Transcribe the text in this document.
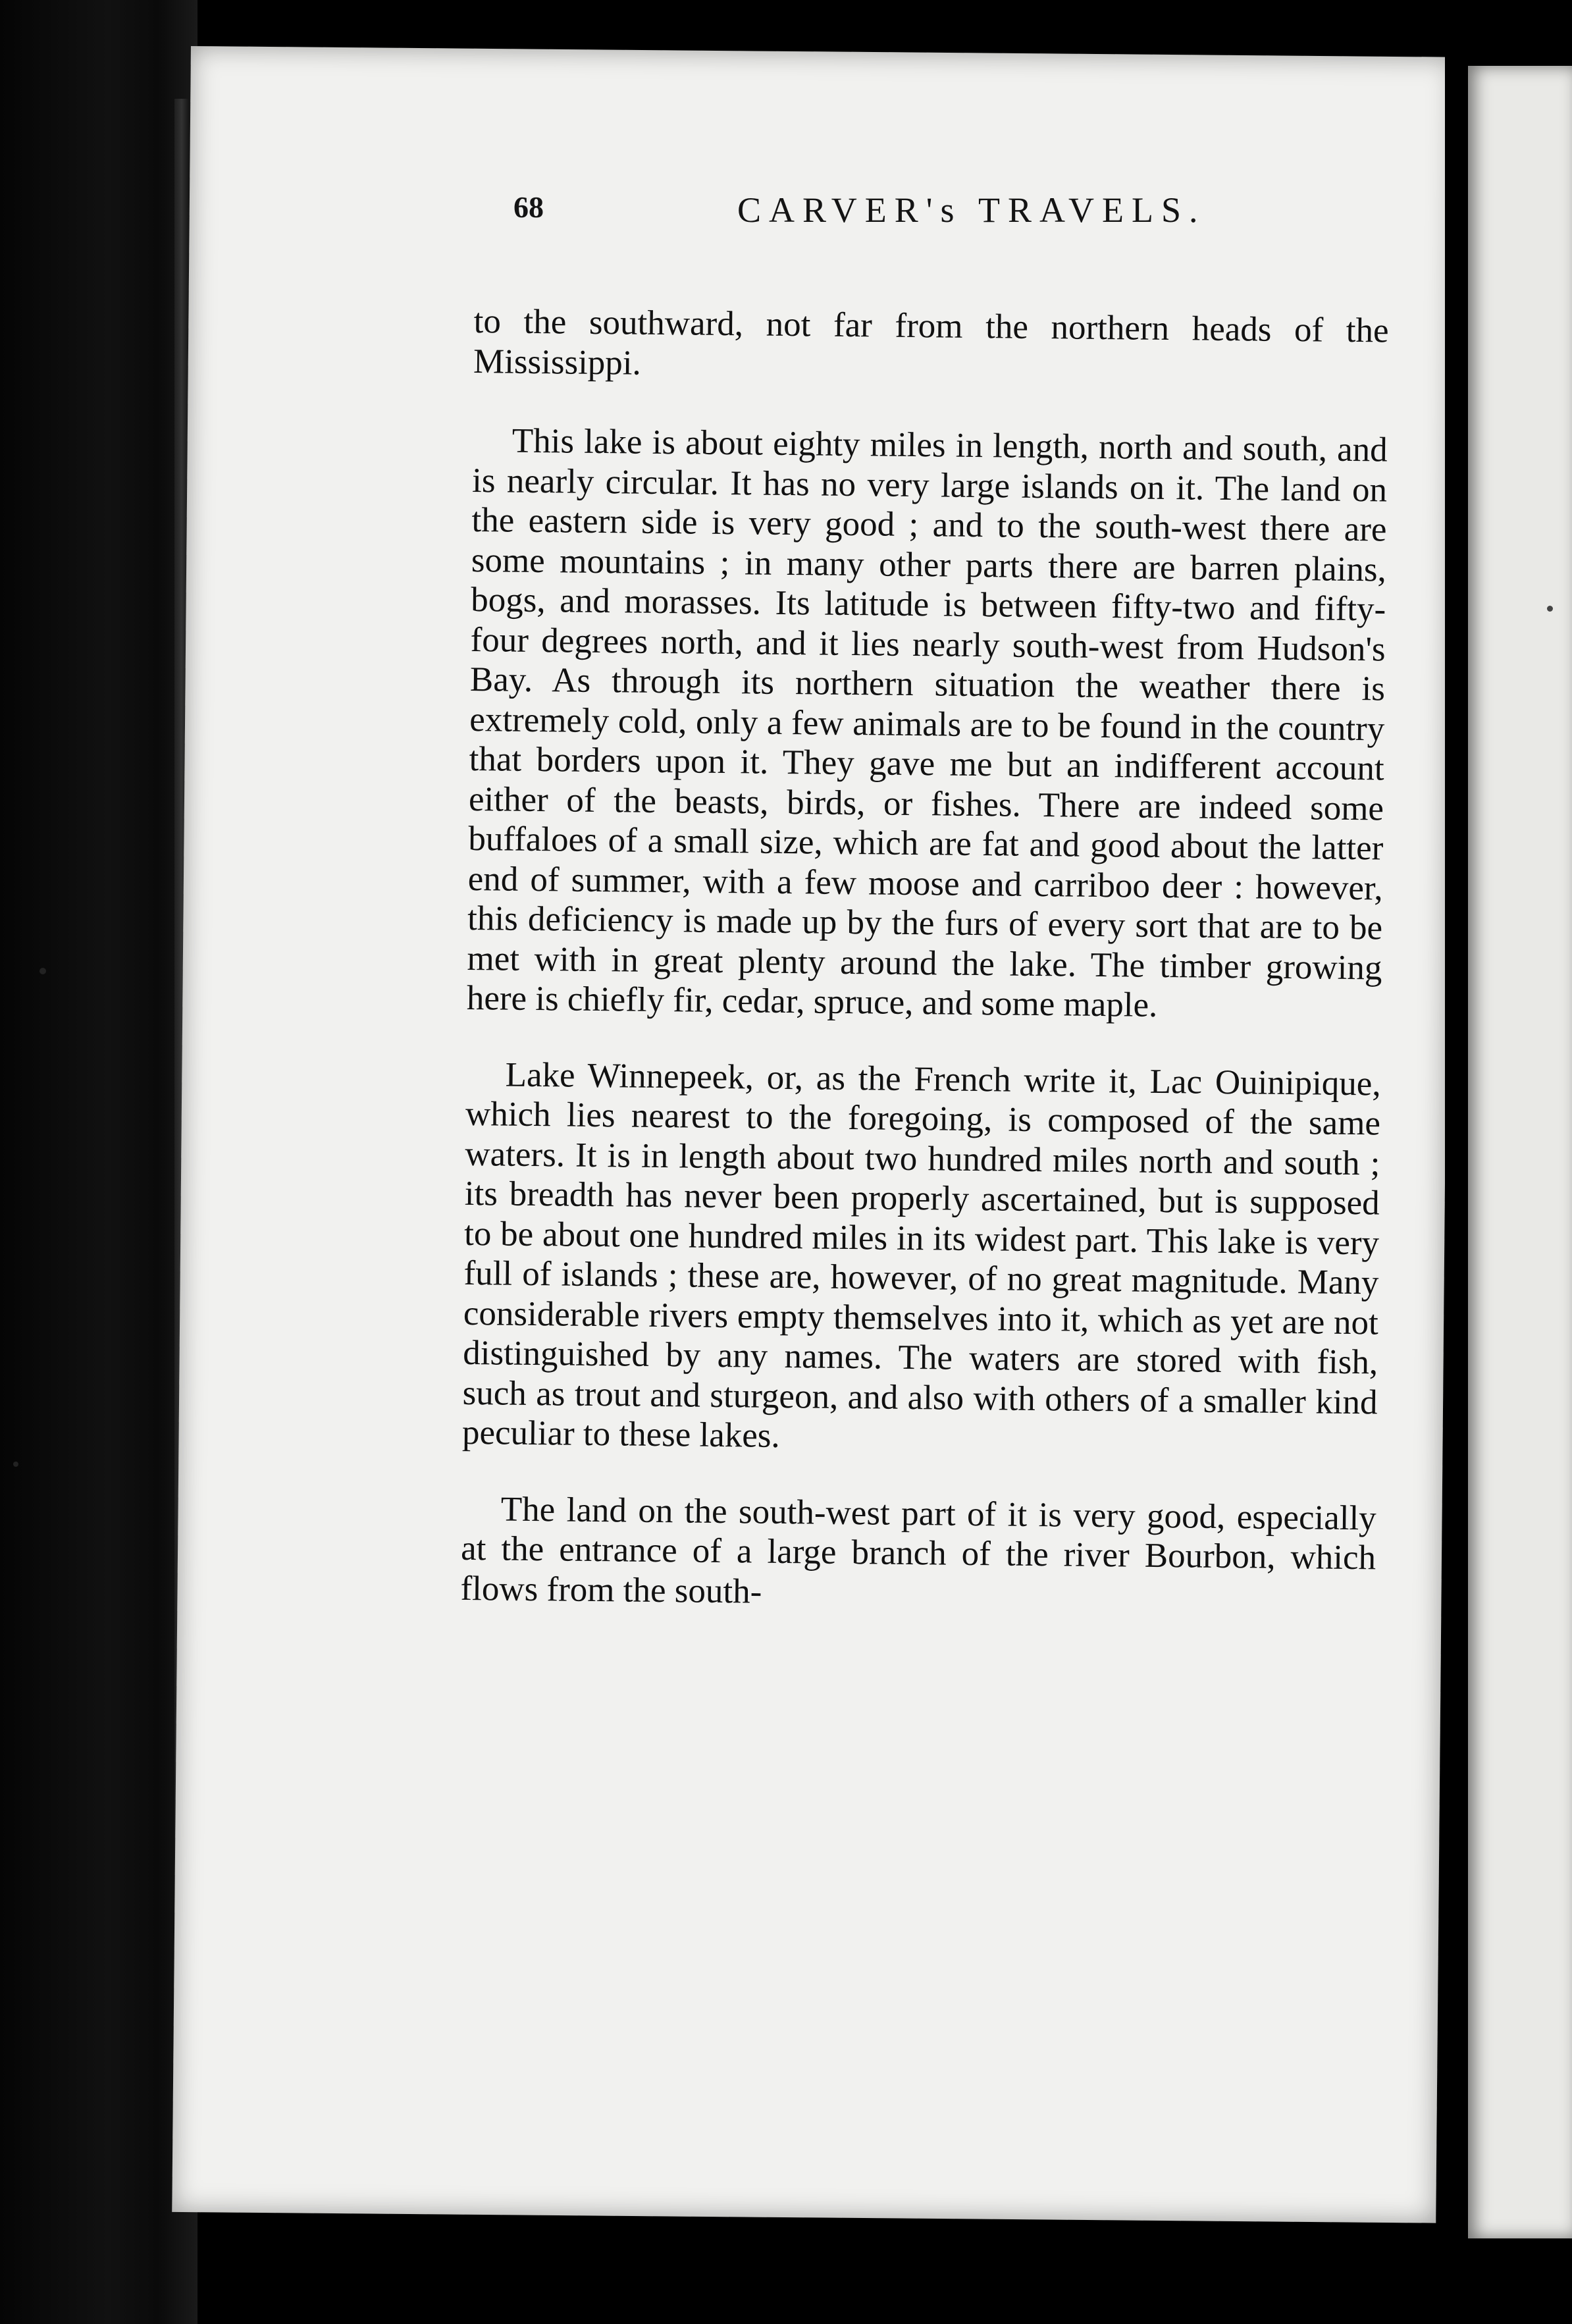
68	CARVER's TRAVELS.

to the southward, not far from the northern heads of the Mississippi.

This lake is about eighty miles in length, north and south, and is nearly circular. It has no very large islands on it. The land on the eastern side is very good ; and to the south-west there are some mountains ; in many other parts there are barren plains, bogs, and morasses. Its latitude is between fifty-two and fifty-four degrees north, and it lies nearly south-west from Hudson's Bay. As through its northern situation the weather there is extremely cold, only a few animals are to be found in the country that borders upon it. They gave me but an indifferent account either of the beasts, birds, or fishes. There are indeed some buffaloes of a small size, which are fat and good about the latter end of summer, with a few moose and carriboo deer : however, this deficiency is made up by the furs of every sort that are to be met with in great plenty around the lake. The timber growing here is chiefly fir, cedar, spruce, and some maple.

Lake Winnepeek, or, as the French write it, Lac Ouinipique, which lies nearest to the foregoing, is composed of the same waters. It is in length about two hundred miles north and south ; its breadth has never been properly ascertained, but is supposed to be about one hundred miles in its widest part. This lake is very full of islands ; these are, however, of no great magnitude. Many considerable rivers empty themselves into it, which as yet are not distinguished by any names. The waters are stored with fish, such as trout and sturgeon, and also with others of a smaller kind peculiar to these lakes.

The land on the south-west part of it is very good, especially at the entrance of a large branch of the river Bourbon, which flows from the south-
